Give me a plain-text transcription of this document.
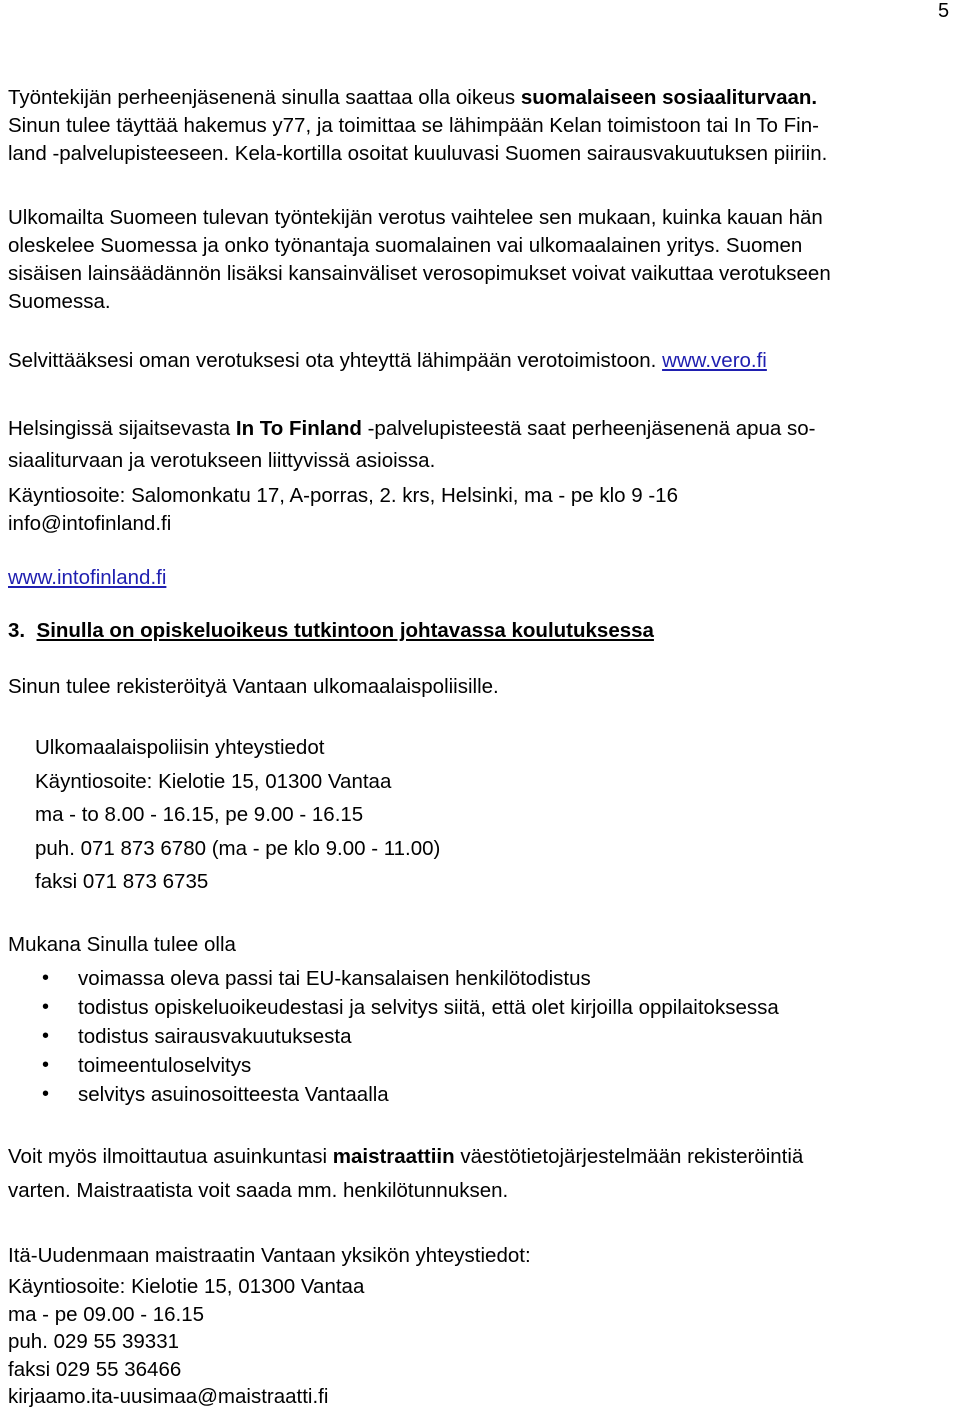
5

Työntekijän perheenjäsenenä sinulla saattaa olla oikeus suomalaiseen sosiaaliturvaan.

Sinun tulee täyttää hakemus y77, ja toimittaa se lähimpään Kelan toimistoon tai In To Fin-

land -palvelupisteeseen. Kela-kortilla osoitat kuuluvasi Suomen sairausvakuutuksen piiriin.

Ulkomailta Suomeen tulevan työntekijän verotus vaihtelee sen mukaan, kuinka kauan hän

oleskelee Suomessa ja onko työnantaja suomalainen vai ulkomaalainen yritys. Suomen

sisäisen lainsäädännön lisäksi kansainväliset verosopimukset voivat vaikuttaa verotukseen

Suomessa.

Selvittääksesi oman verotuksesi ota yhteyttä lähimpään verotoimistoon. www.vero.fi

Helsingissä sijaitsevasta In To Finland -palvelupisteestä saat perheenjäsenenä apua so-

siaaliturvaan ja verotukseen liittyvissä asioissa.

Käyntiosoite: Salomonkatu 17, A-porras, 2. krs, Helsinki, ma - pe klo 9 -16

info@intofinland.fi

www.intofinland.fi

3. Sinulla on opiskeluoikeus tutkintoon johtavassa koulutuksessa

Sinun tulee rekisteröityä Vantaan ulkomaalaispoliisille.

Ulkomaalaispoliisin yhteystiedot

Käyntiosoite: Kielotie 15, 01300 Vantaa

ma - to 8.00 - 16.15, pe 9.00 - 16.15

puh. 071 873 6780 (ma - pe klo 9.00 - 11.00)

faksi 071 873 6735

Mukana Sinulla tulee olla

• voimassa oleva passi tai EU-kansalaisen henkilötodistus
• todistus opiskeluoikeudestasi ja selvitys siitä, että olet kirjoilla oppilaitoksessa
• todistus sairausvakuutuksesta
• toimeentuloselvitys
• selvitys asuinosoitteesta Vantaalla

Voit myös ilmoittautua asuinkuntasi maistraattiin väestötietojärjestelmään rekisteröintiä

varten. Maistraatista voit saada mm. henkilötunnuksen.

Itä-Uudenmaan maistraatin Vantaan yksikön yhteystiedot:

Käyntiosoite: Kielotie 15, 01300 Vantaa

ma - pe 09.00 - 16.15

puh. 029 55 39331

faksi 029 55 36466

kirjaamo.ita-uusimaa@maistraatti.fi
